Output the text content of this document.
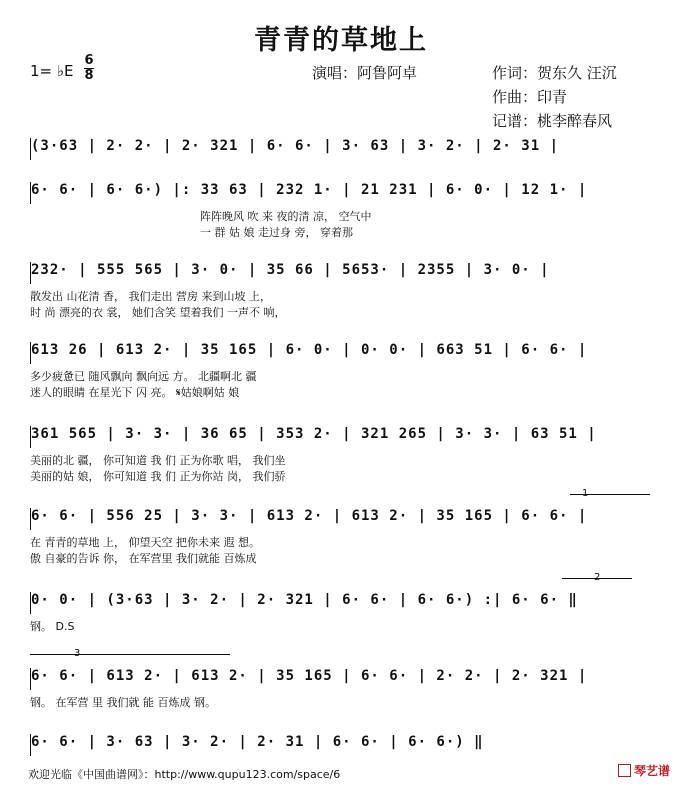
青青的草地上
1= ♭E
6
8	演唱：阿鲁阿卓	作词：贺东久 汪沉
作曲：印青
记谱：桃李醉春风
(3·63 | 2· 2· | 2· 321 | 6· 6· | 3· 63 | 3· 2· | 2· 31 |
6· 6· | 6· 6·) |: 33 63 | 232 1· | 21 231 | 6· 0· | 12 1· |
阵阵晚风 吹 来 夜的清 凉， 空气中
一 群 姑 娘 走过身 旁， 穿着那
232· | 555 565 | 3· 0· | 35 66 | 5653· | 2355 | 3· 0· |
散发出 山花清 香， 我们走出 营房 来到山坡 上，
时 尚 漂亮的衣 裳， 她们含笑 望着我们 一声不 响，
613 26 | 613 2· | 35 165 | 6· 0· | 0· 0· | 663 51 | 6· 6· |
多少疲惫已 随风飘向 飘向远 方。 北疆啊北 疆
迷人的眼睛 在星光下 闪 亮。 𝄋姑娘啊姑 娘
361 565 | 3· 3· | 36 65 | 353 2· | 321 265 | 3· 3· | 63 51 |
美丽的北 疆， 你可知道 我 们 正为你歌 唱， 我们坐
美丽的姑 娘， 你可知道 我 们 正为你站 岗， 我们骄
6· 6· | 556 25 | 3· 3· | 613 2· | 613 2· | 35 165 | 6· 6· |
在 青青的草地 上， 仰望天空 把你未来 遐 想。
傲 自豪的告诉 你， 在军营里 我们就能 百炼成
0· 0· | (3·63 | 3· 2· | 2· 321 | 6· 6· | 6· 6·) :| 6· 6· ‖
钢。 D.S
6· 6· | 613 2· | 613 2· | 35 165 | 6· 6· | 2· 2· | 2· 321 |
钢。 在军营 里 我们就 能 百炼成 钢。
6· 6· | 3· 63 | 3· 2· | 2· 31 | 6· 6· | 6· 6·) ‖
欢迎光临《中国曲谱网》：http://www.qupu123.com/space/6	琴艺谱
